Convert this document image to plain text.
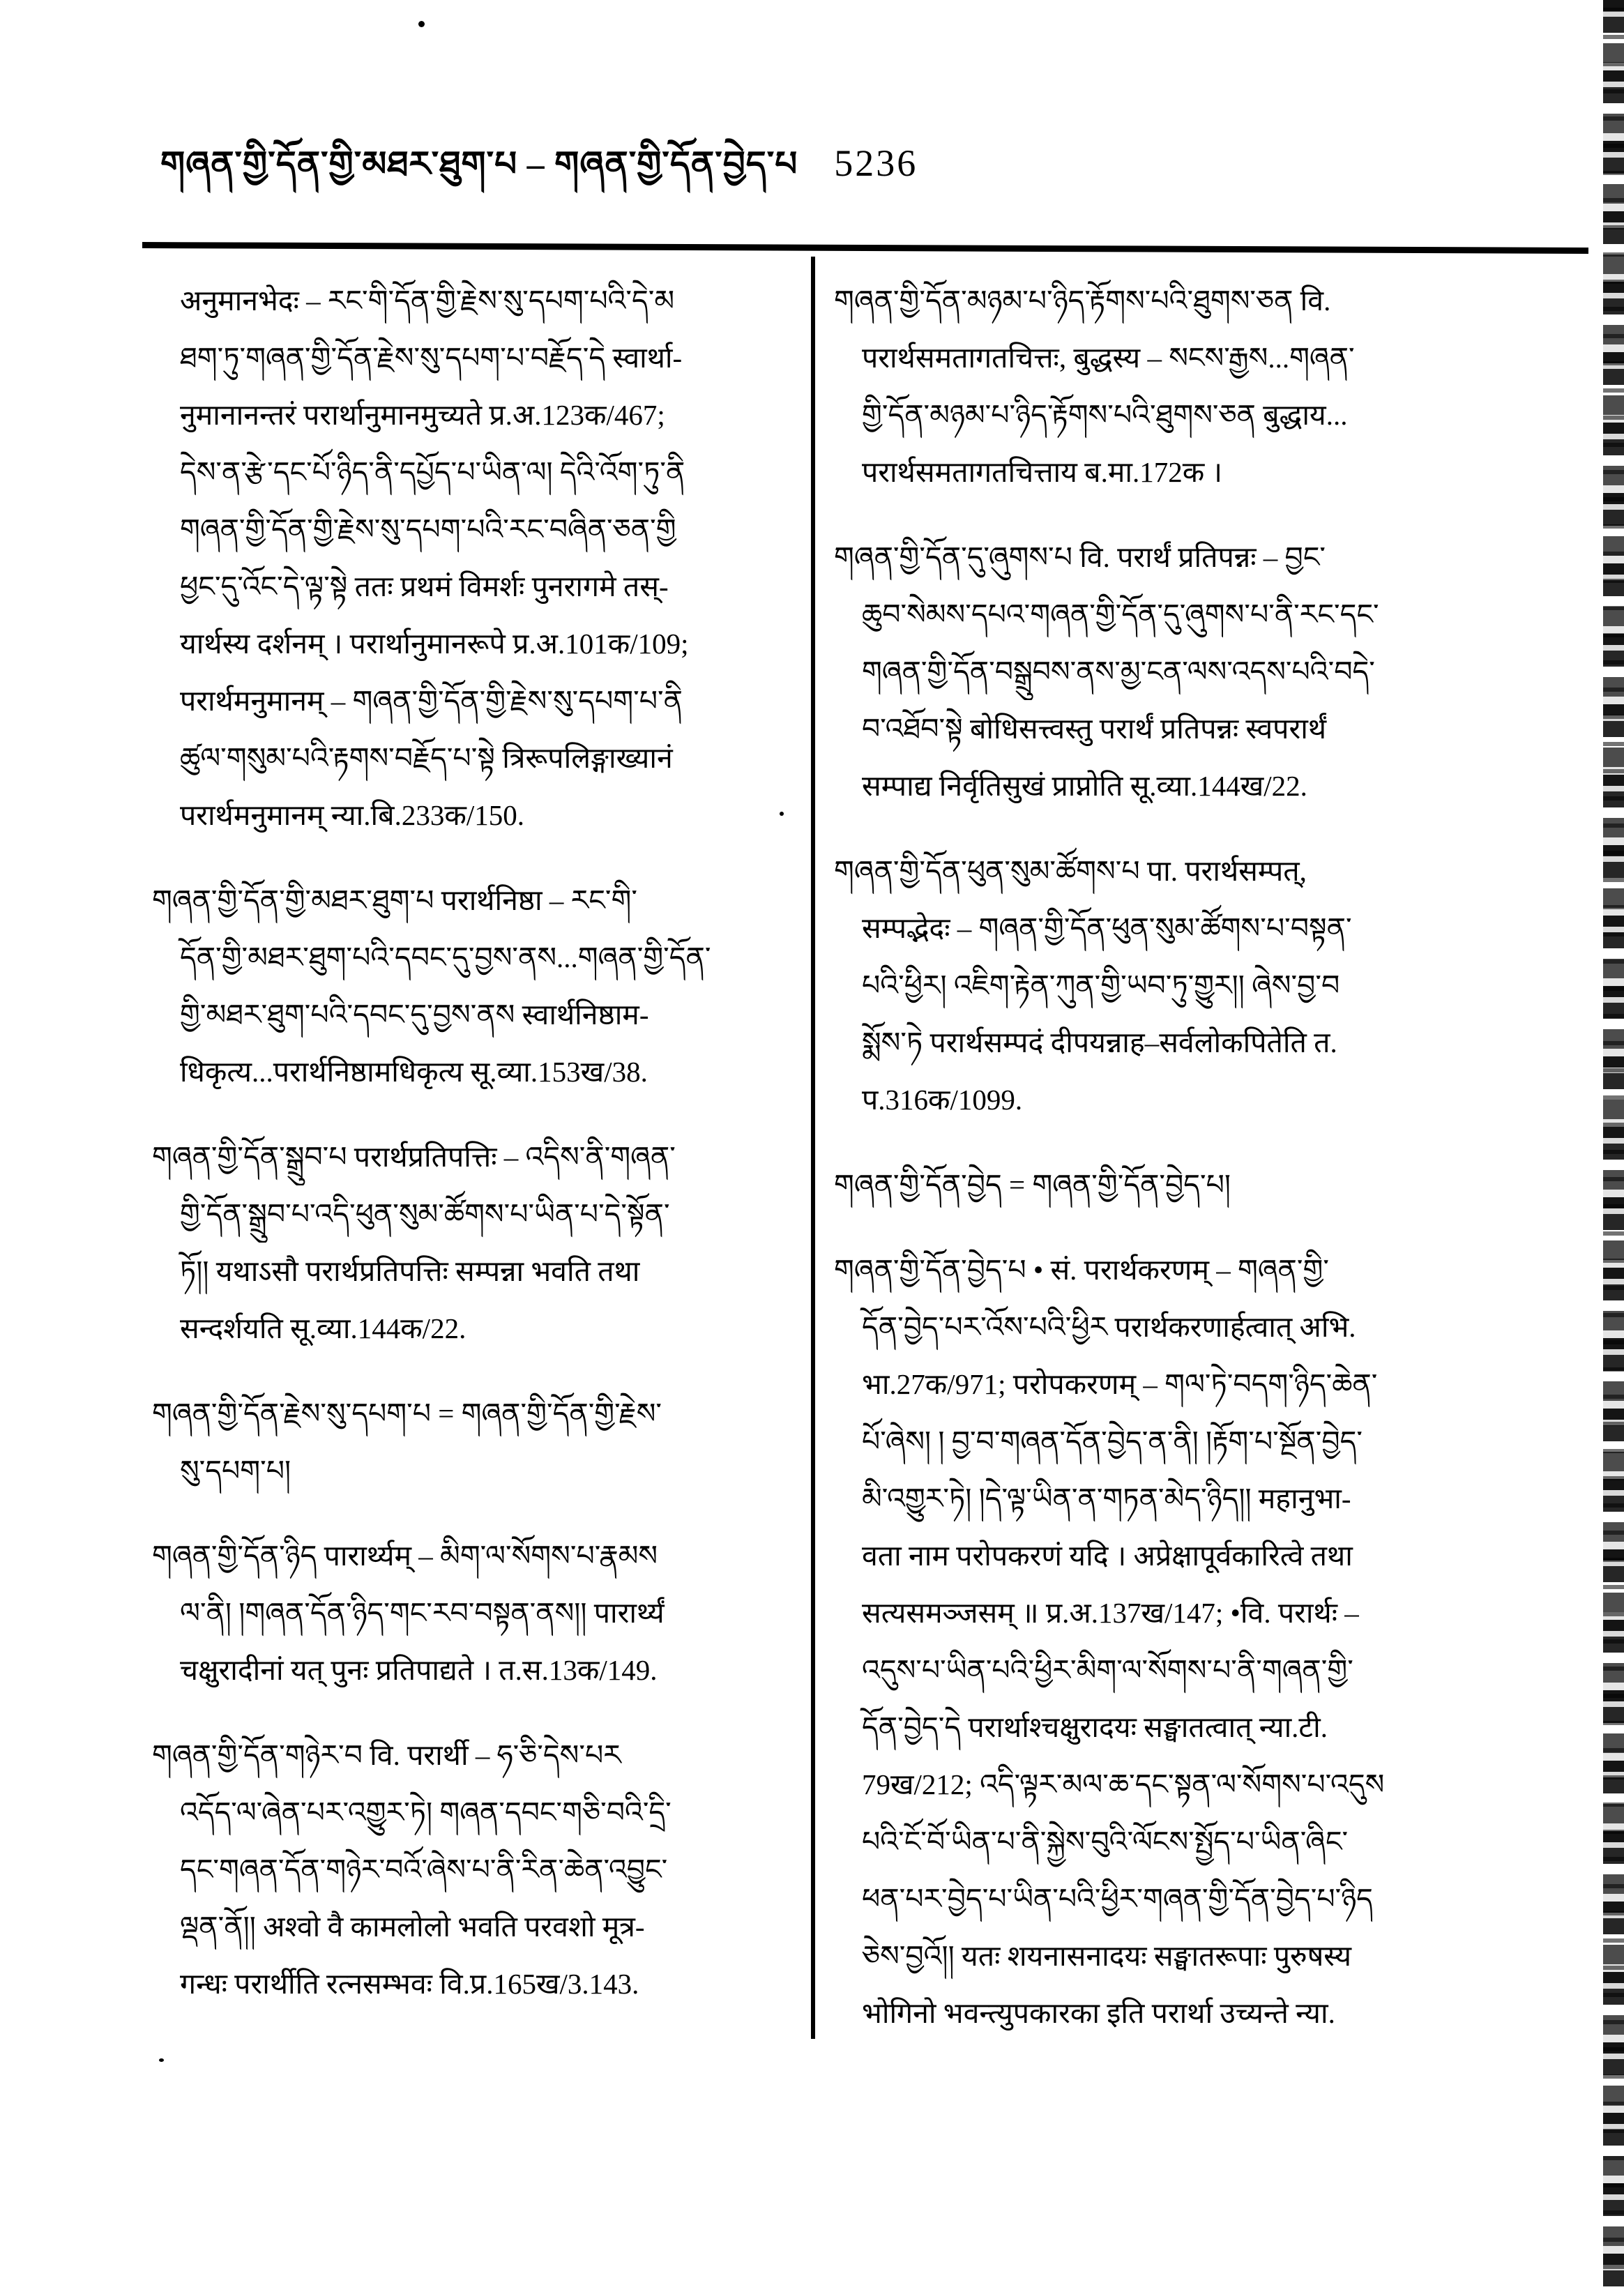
གཞན་གྱི་དོན་གྱི་མཐར་ཐུག་པ – གཞན་གྱི་དོན་བྱེད་པ 5236
अनुमानभेदः – རང་གི་དོན་གྱི་རྗེས་སུ་དཔག་པའི་དེ་མ
ཐག་ཏུ་གཞན་གྱི་དོན་རྗེས་སུ་དཔག་པ་བརྗོད་དེ स्वार्था-
नुमानानन्तरं परार्थानुमानमुच्यते प्र.अ.123क/467;
དེས་ན་རྩེ་དང་པོ་ཉིད་ནི་དཔྱོད་པ་ཡིན་ལ། དེའི་འོག་ཏུ་ནི
གཞན་གྱི་དོན་གྱི་རྗེས་སུ་དཔག་པའི་རང་བཞིན་ཅན་གྱི
ཕྱང་དུ་འོང་དེ་ལྟ་སྟེ ततः प्रथमं विमर्शः पुनरागमे तस्-
यार्थस्य दर्शनम् । परार्थानुमानरूपे प्र.अ.101क/109;
परार्थमनुमानम् – གཞན་གྱི་དོན་གྱི་རྗེས་སུ་དཔག་པ་ནི
ཚུལ་གསུམ་པའི་རྟགས་བརྗོད་པ་སྟེ त्रिरूपलिङ्गाख्यानं
परार्थमनुमानम् न्या.बि.233क/150.
གཞན་གྱི་དོན་གྱི་མཐར་ཐུག་པ परार्थनिष्ठा – རང་གི་
དོན་གྱི་མཐར་ཐུག་པའི་དབང་དུ་བྱས་ནས...གཞན་གྱི་དོན་
གྱི་མཐར་ཐུག་པའི་དབང་དུ་བྱས་ནས स्वार्थनिष्ठाम-
धिकृत्य...परार्थनिष्ठामधिकृत्य सू.व्या.153ख/38.
གཞན་གྱི་དོན་སྒྲུབ་པ परार्थप्रतिपत्तिः – འདིས་ནི་གཞན་
གྱི་དོན་སྒྲུབ་པ་འདི་ཕུན་སུམ་ཚོགས་པ་ཡིན་པ་དེ་སྟོན་
ཏོ།། यथाऽसौ परार्थप्रतिपत्तिः सम्पन्ना भवति तथा
सन्दर्शयति सू.व्या.144क/22.
གཞན་གྱི་དོན་རྗེས་སུ་དཔག་པ = གཞན་གྱི་དོན་གྱི་རྗེས་
སུ་དཔག་པ།
གཞན་གྱི་དོན་ཉིད पारार्थ्यम् – མིག་ལ་སོགས་པ་རྣམས
ལ་ནི། །གཞན་དོན་ཉིད་གང་རབ་བསྟན་ནས།། पारार्थ्यं
चक्षुरादीनां यत् पुनः प्रतिपाद्यते । त.स.13क/149.
གཞན་གྱི་དོན་གཉེར་བ वि. परार्थी – ཧ་ཅི་དེས་པར
འདོད་ལ་ཞེན་པར་འགྱུར་ཏེ། གཞན་དབང་གཅི་བའི་དྲི་
དང་གཞན་དོན་གཉེར་བའོ་ཞེས་པ་ནི་རིན་ཆེན་འབྱུང་
ལྡན་ནོ།། अश्वो वै कामलोलो भवति परवशो मूत्र-
गन्धः परार्थीति रत्नसम्भवः वि.प्र.165ख/3.143.
གཞན་གྱི་དོན་མཉམ་པ་ཉིད་རྟོགས་པའི་ཐུགས་ཅན वि.
परार्थसमतागतचित्तः, बुद्धस्य – སངས་རྒྱས...གཞན་
གྱི་དོན་མཉམ་པ་ཉིད་རྟོགས་པའི་ཐུགས་ཅན बुद्धाय...
परार्थसमतागतचित्ताय ब.मा.172क ।
གཞན་གྱི་དོན་དུ་ཞུགས་པ वि. परार्थं प्रतिपन्नः – བྱང་
ཆུབ་སེམས་དཔའ་གཞན་གྱི་དོན་དུ་ཞུགས་པ་ནི་རང་དང་
གཞན་གྱི་དོན་བསྒྲུབས་ནས་མྱ་ངན་ལས་འདས་པའི་བདེ་
བ་འཐོབ་སྟེ बोधिसत्त्वस्तु परार्थं प्रतिपन्नः स्वपरार्थं
सम्पाद्य निर्वृतिसुखं प्राप्नोति सू.व्या.144ख/22.
གཞན་གྱི་དོན་ཕུན་སུམ་ཚོགས་པ पा. परार्थसम्पत्,
सम्पद्भेदः – གཞན་གྱི་དོན་ཕུན་སུམ་ཚོགས་པ་བསྟན་
པའི་ཕྱིར། འཇིག་རྟེན་ཀུན་གྱི་ཡབ་ཏུ་གྱུར།། ཞེས་བྱ་བ
སྨོས་ཏེ परार्थसम्पदं दीपयन्नाह–सर्वलोकपितेति त.
प.316क/1099.
གཞན་གྱི་དོན་བྱེད = གཞན་གྱི་དོན་བྱེད་པ།
གཞན་གྱི་དོན་བྱེད་པ • सं. परार्थकरणम् – གཞན་གྱི་
དོན་བྱེད་པར་འོས་པའི་ཕྱིར परार्थकरणार्हत्वात् अभि.
भा.27क/971; परोपकरणम् – གལ་ཏེ་བདག་ཉིད་ཆེན་
པོ་ཞེས། ། བྱ་བ་གཞན་དོན་བྱེད་ན་ནི། །རྟོག་པ་སྔོན་བྱེད་
མི་འགྱུར་ཏེ། །དེ་ལྟ་ཡིན་ན་གཏན་མེད་ཉིད།། महानुभा-
वता नाम परोपकरणं यदि । अप्रेक्षापूर्वकारित्वे तथा
सत्यसमञ्जसम् ॥ प्र.अ.137ख/147; •वि. परार्थः –
འདུས་པ་ཡིན་པའི་ཕྱིར་མིག་ལ་སོགས་པ་ནི་གཞན་གྱི་
དོན་བྱེད་དེ परार्थाश्चक्षुरादयः सङ्घातत्वात् न्या.टी.
79ख/212; འདི་ལྟར་མལ་ཆ་དང་སྟན་ལ་སོགས་པ་འདུས
པའི་ངོ་བོ་ཡིན་པ་ནི་སྐྱེས་བུའི་ལོངས་སྤྱོད་པ་ཡིན་ཞིང་
ཕན་པར་བྱེད་པ་ཡིན་པའི་ཕྱིར་གཞན་གྱི་དོན་བྱེད་པ་ཉིད
ཅེས་བྱའོ།། यतः शयनासनादयः सङ्घातरूपाः पुरुषस्य
भोगिनो भवन्त्युपकारका इति परार्था उच्यन्ते न्या.
